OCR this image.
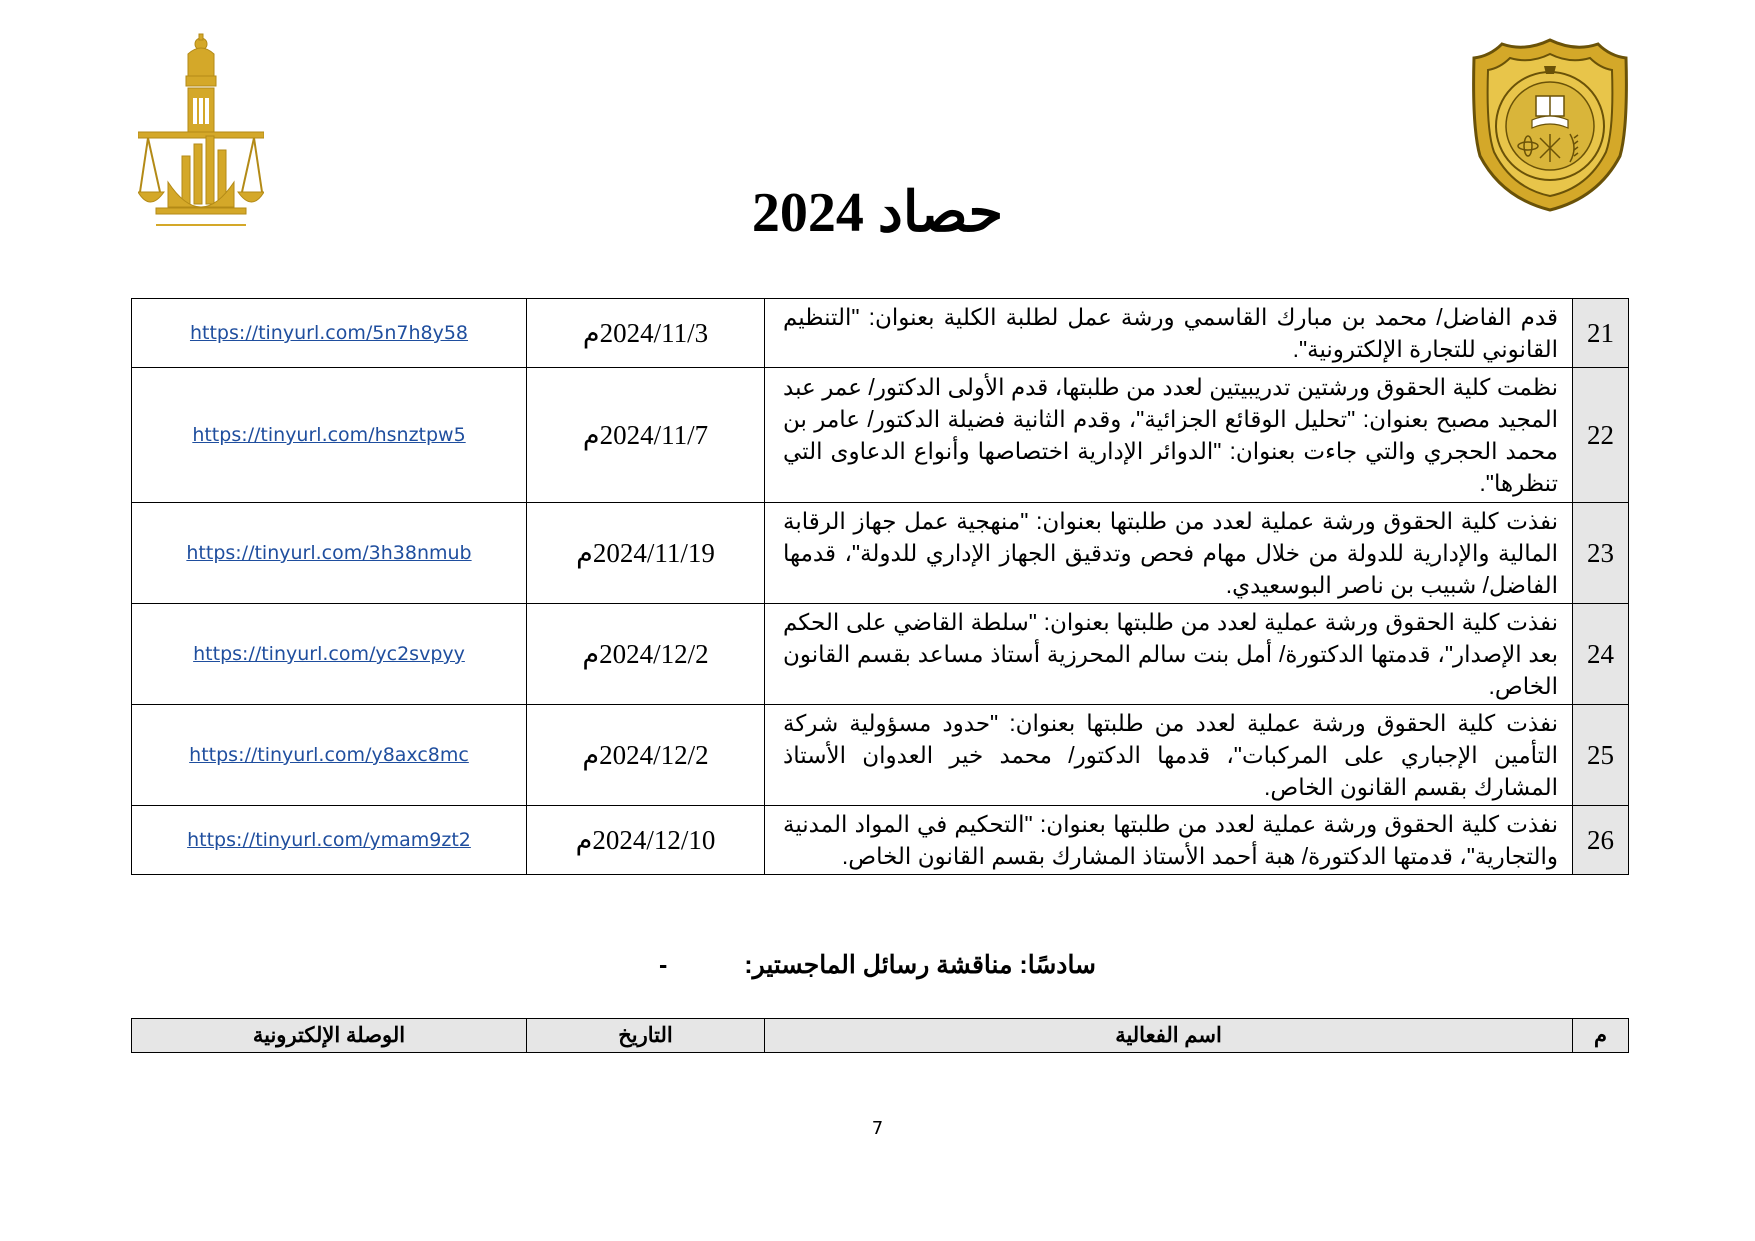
حصاد 2024
21	قدم الفاضل/ محمد بن مبارك القاسمي ورشة عمل لطلبة الكلية بعنوان: "التنظيم القانوني للتجارة الإلكترونية".	2024/11/3م	https://tinyurl.com/5n7h8y58
22	نظمت كلية الحقوق ورشتين تدريبيتين لعدد من طلبتها، قدم الأولى الدكتور/ عمر عبد المجيد مصبح بعنوان: "تحليل الوقائع الجزائية"، وقدم الثانية فضيلة الدكتور/ عامر بن محمد الحجري والتي جاءت بعنوان: "الدوائر الإدارية اختصاصها وأنواع الدعاوى التي تنظرها".	2024/11/7م	https://tinyurl.com/hsnztpw5
23	نفذت كلية الحقوق ورشة عملية لعدد من طلبتها بعنوان: "منهجية عمل جهاز الرقابة المالية والإدارية للدولة من خلال مهام فحص وتدقيق الجهاز الإداري للدولة"، قدمها الفاضل/ شبيب بن ناصر البوسعيدي.	2024/11/19م	https://tinyurl.com/3h38nmub
24	نفذت كلية الحقوق ورشة عملية لعدد من طلبتها بعنوان: "سلطة القاضي على الحكم بعد الإصدار"، قدمتها الدكتورة/ أمل بنت سالم المحرزية أستاذ مساعد بقسم القانون الخاص.	2024/12/2م	https://tinyurl.com/yc2svpyy
25	نفذت كلية الحقوق ورشة عملية لعدد من طلبتها بعنوان: "حدود مسؤولية شركة التأمين الإجباري على المركبات"، قدمها الدكتور/ محمد خير العدوان الأستاذ المشارك بقسم القانون الخاص.	2024/12/2م	https://tinyurl.com/y8axc8mc
26	نفذت كلية الحقوق ورشة عملية لعدد من طلبتها بعنوان: "التحكيم في المواد المدنية والتجارية"، قدمتها الدكتورة/ هبة أحمد الأستاذ المشارك بقسم القانون الخاص.	2024/12/10م	https://tinyurl.com/ymam9zt2
سادسًا: مناقشة رسائل الماجستير: -
م	اسم الفعالية	التاريخ	الوصلة الإلكترونية
7
